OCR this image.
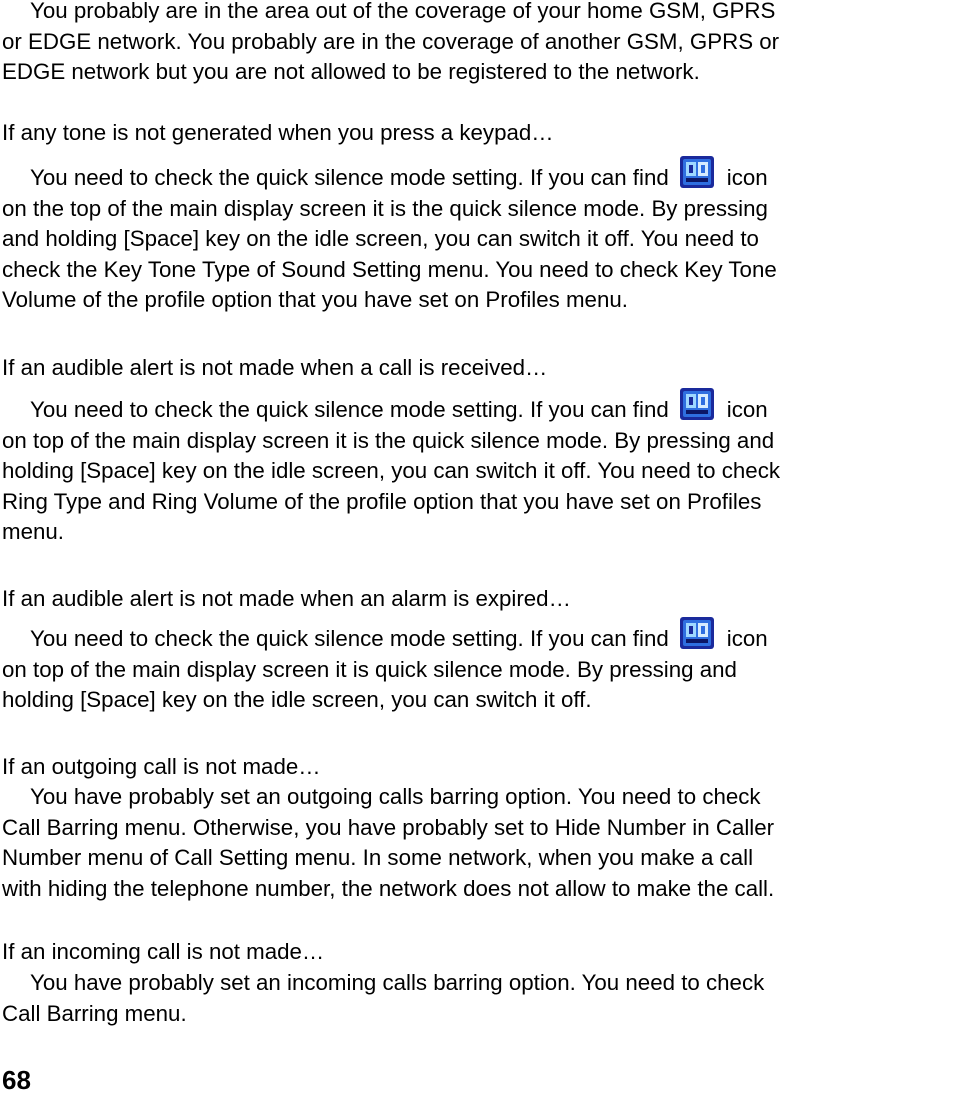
You probably are in the area out of the coverage of your home GSM, GPRS
or EDGE network. You probably are in the coverage of another GSM, GPRS or
EDGE network but you are not allowed to be registered to the network.
If any tone is not generated when you press a keypad…
You need to check the quick silence mode setting. If you can find	icon
on the top of the main display screen it is the quick silence mode. By pressing
and holding [Space] key on the idle screen, you can switch it off. You need to
check the Key Tone Type of Sound Setting menu. You need to check Key Tone
Volume of the profile option that you have set on Profiles menu.
If an audible alert is not made when a call is received…
You need to check the quick silence mode setting. If you can find	icon
on top of the main display screen it is the quick silence mode. By pressing and
holding [Space] key on the idle screen, you can switch it off. You need to check
Ring Type and Ring Volume of the profile option that you have set on Profiles
menu.
If an audible alert is not made when an alarm is expired…
You need to check the quick silence mode setting. If you can find	icon
on top of the main display screen it is quick silence mode. By pressing and
holding [Space] key on the idle screen, you can switch it off.
If an outgoing call is not made…
You have probably set an outgoing calls barring option. You need to check
Call Barring menu. Otherwise, you have probably set to Hide Number in Caller
Number menu of Call Setting menu. In some network, when you make a call
with hiding the telephone number, the network does not allow to make the call.
If an incoming call is not made…
You have probably set an incoming calls barring option. You need to check
Call Barring menu.
68
